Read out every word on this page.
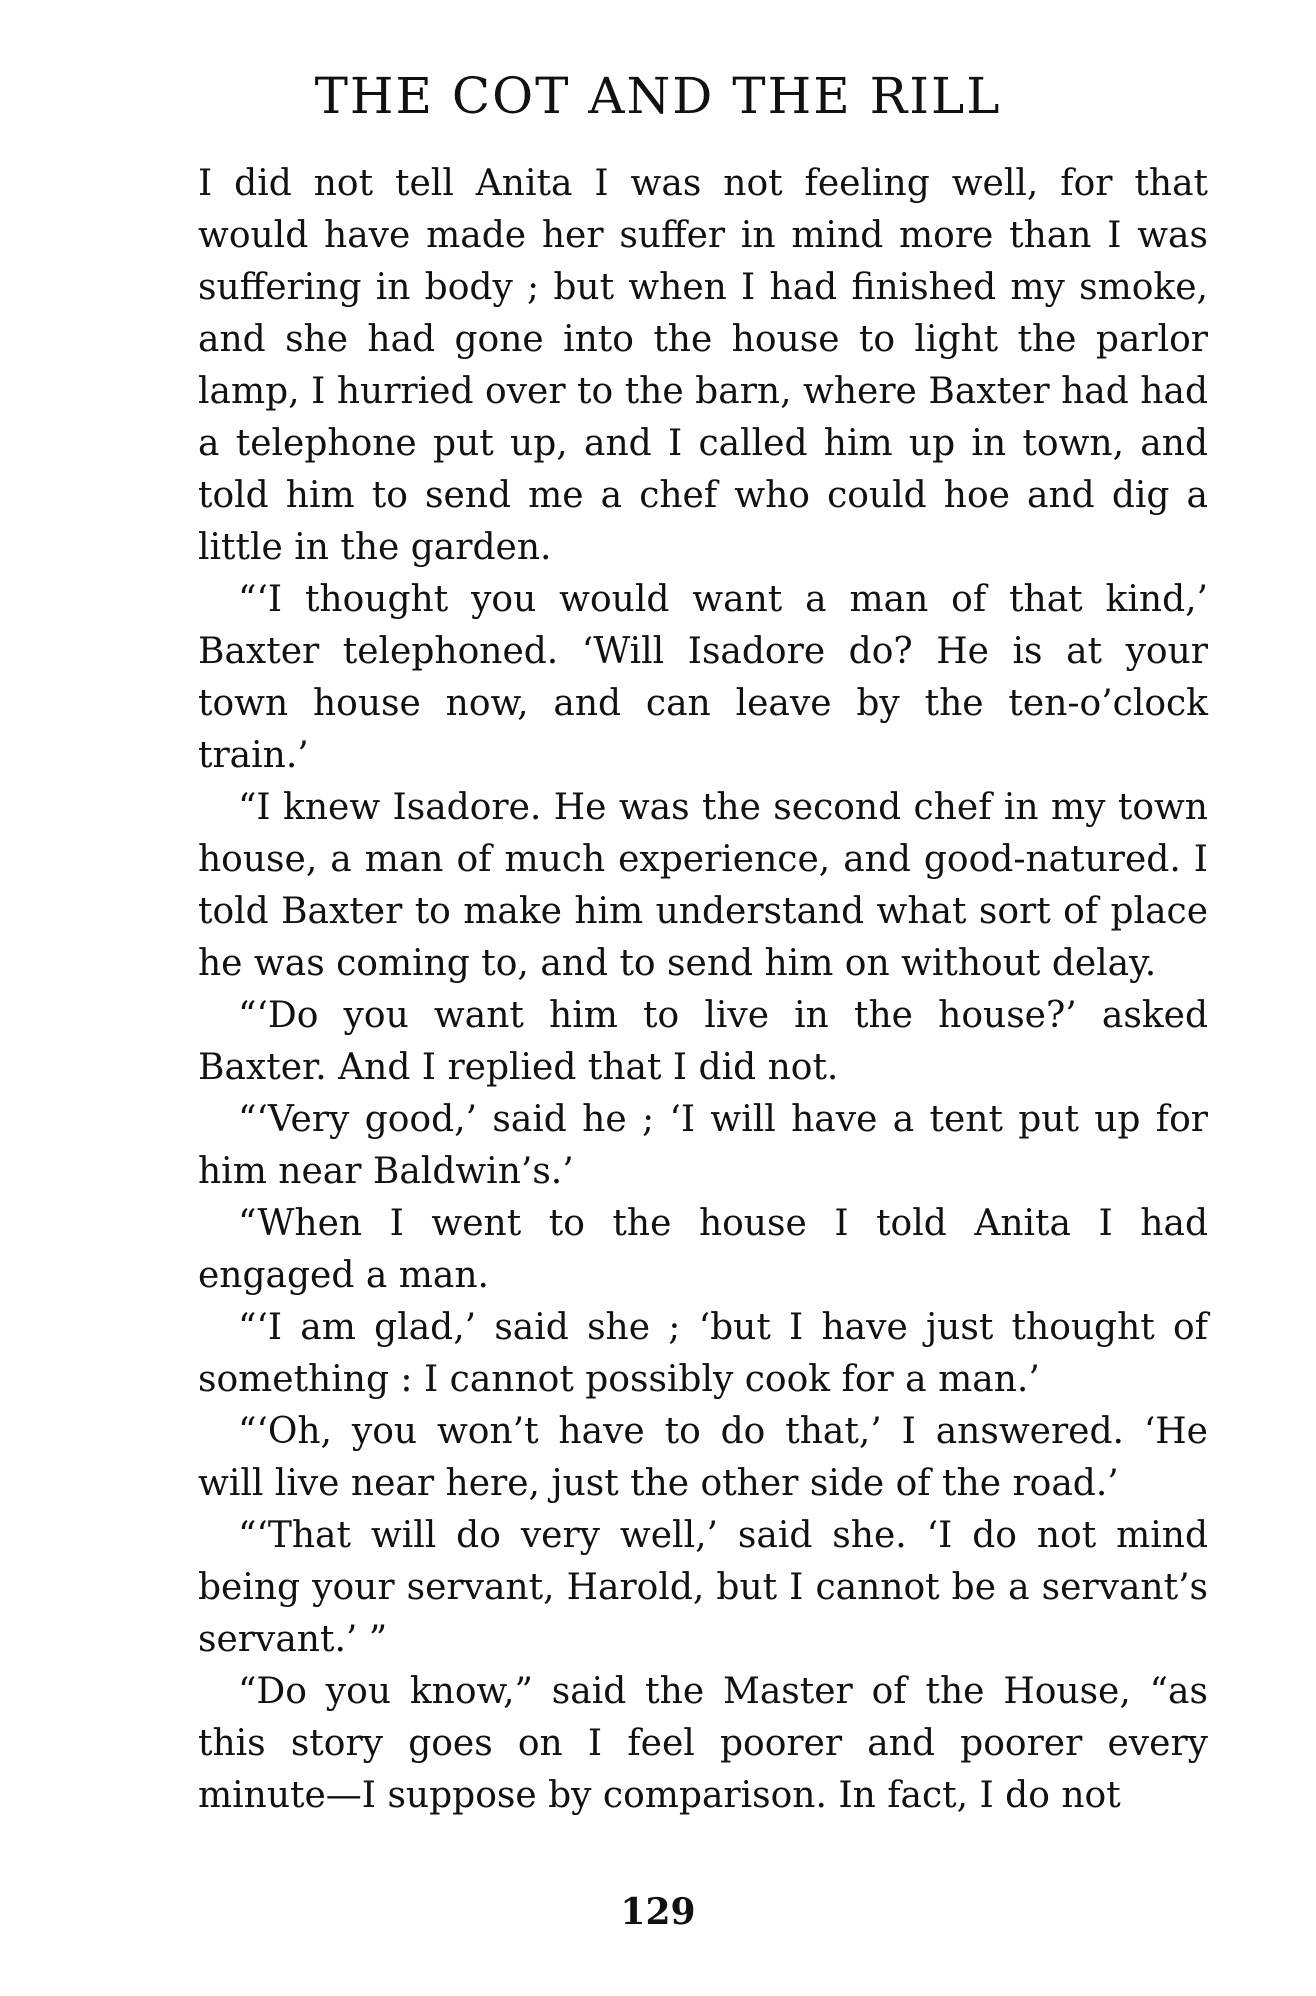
THE COT AND THE RILL

I did not tell Anita I was not feeling well, for that would have made her suffer in mind more than I was suffering in body ; but when I had finished my smoke, and she had gone into the house to light the parlor lamp, I hurried over to the barn, where Baxter had had a telephone put up, and I called him up in town, and told him to send me a chef who could hoe and dig a little in the garden.

“‘I thought you would want a man of that kind,’ Baxter telephoned. ‘Will Isadore do? He is at your town house now, and can leave by the ten-o’clock train.’

“I knew Isadore. He was the second chef in my town house, a man of much experience, and good-natured. I told Baxter to make him understand what sort of place he was coming to, and to send him on without delay.

“‘Do you want him to live in the house?’ asked Baxter. And I replied that I did not.

“‘Very good,’ said he ; ‘I will have a tent put up for him near Baldwin’s.’

“When I went to the house I told Anita I had engaged a man.

“‘I am glad,’ said she ; ‘but I have just thought of something : I cannot possibly cook for a man.’

“‘Oh, you won’t have to do that,’ I answered. ‘He will live near here, just the other side of the road.’

“‘That will do very well,’ said she. ‘I do not mind being your servant, Harold, but I cannot be a servant’s servant.’ ”

“Do you know,” said the Master of the House, “as this story goes on I feel poorer and poorer every minute—I suppose by comparison. In fact, I do not

129
